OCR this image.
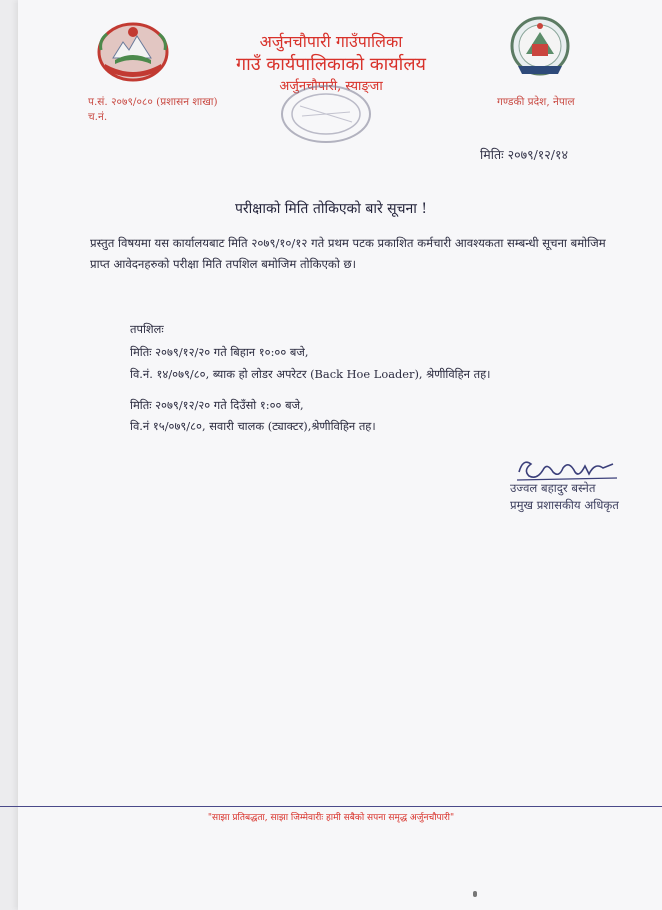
अर्जुनचौपारी गाउँपालिका
गाउँ कार्यपालिकाको कार्यालय
अर्जुनचौपारी, स्याङ्जा
प.सं. २०७९/०८० (प्रशासन शाखा)
च.नं.
गण्डकी प्रदेश, नेपाल
मितिः २०७९/१२/१४
परीक्षाको मिति तोकिएको बारे सूचना !
प्रस्तुत विषयमा यस कार्यालयबाट मिति २०७९/१०/१२ गते प्रथम पटक प्रकाशित कर्मचारी आवश्यकता सम्बन्धी सूचना बमोजिम प्राप्त आवेदनहरुको परीक्षा मिति तपशिल बमोजिम तोकिएको छ।
तपशिलः
मितिः २०७९/१२/२० गते बिहान १०:०० बजे,
वि.नं. १४/०७९/८०, ब्याक हो लोडर अपरेटर (Back Hoe Loader), श्रेणीविहिन तह।
मितिः २०७९/१२/२० गते दिउँसो १:०० बजे,
वि.नं १५/०७९/८०, सवारी चालक (ट्याक्टर),श्रेणीविहिन तह।
उज्वल बहादुर बस्नेत
प्रमुख प्रशासकीय अधिकृत
"साझा प्रतिबद्धता, साझा जिम्मेवारीः हामी सबैको सपना समृद्ध अर्जुनचौपारी"
